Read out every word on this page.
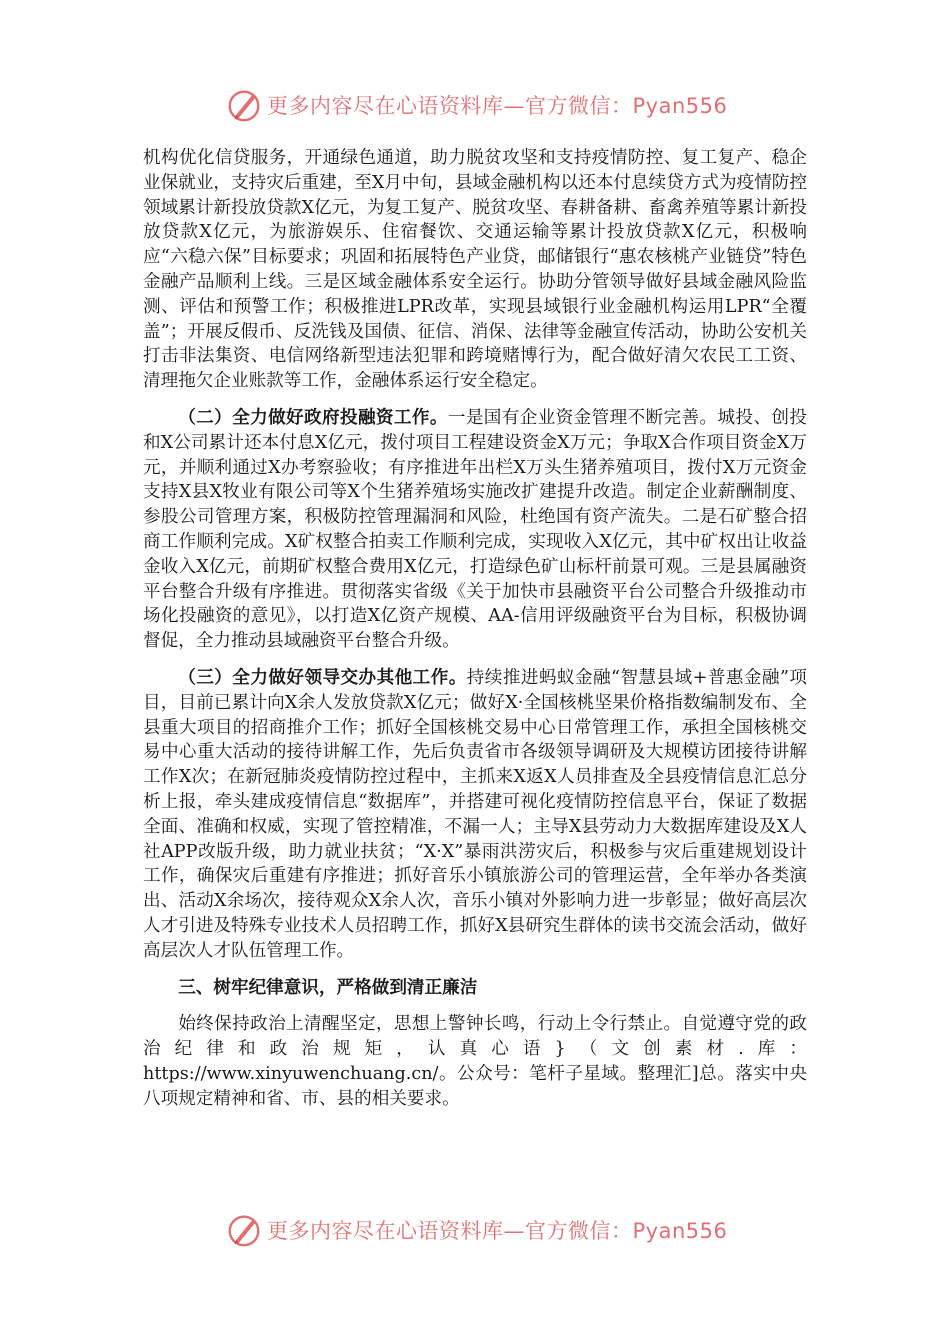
更多内容尽在心语资料库—官方微信：Pyan556

机构优化信贷服务，开通绿色通道，助力脱贫攻坚和支持疫情防控、复工复产、稳企业保就业，支持灾后重建，至X月中旬，县域金融机构以还本付息续贷方式为疫情防控领域累计新投放贷款X亿元，为复工复产、脱贫攻坚、春耕备耕、畜禽养殖等累计新投放贷款X亿元，为旅游娱乐、住宿餐饮、交通运输等累计投放贷款X亿元，积极响应“六稳六保”目标要求；巩固和拓展特色产业贷，邮储银行“惠农核桃产业链贷”特色金融产品顺利上线。三是区域金融体系安全运行。协助分管领导做好县域金融风险监测、评估和预警工作；积极推进LPR改革，实现县域银行业金融机构运用LPR“全覆盖”；开展反假币、反洗钱及国债、征信、消保、法律等金融宣传活动，协助公安机关打击非法集资、电信网络新型违法犯罪和跨境赌博行为，配合做好清欠农民工工资、清理拖欠企业账款等工作，金融体系运行安全稳定。

（二）全力做好政府投融资工作。一是国有企业资金管理不断完善。城投、创投和X公司累计还本付息X亿元，拨付项目工程建设资金X万元；争取X合作项目资金X万元，并顺利通过X办考察验收；有序推进年出栏X万头生猪养殖项目，拨付X万元资金支持X县X牧业有限公司等X个生猪养殖场实施改扩建提升改造。制定企业薪酬制度、参股公司管理方案，积极防控管理漏洞和风险，杜绝国有资产流失。二是石矿整合招商工作顺利完成。X矿权整合拍卖工作顺利完成，实现收入X亿元，其中矿权出让收益金收入X亿元，前期矿权整合费用X亿元，打造绿色矿山标杆前景可观。三是县属融资平台整合升级有序推进。贯彻落实省级《关于加快市县融资平台公司整合升级推动市场化投融资的意见》，以打造X亿资产规模、AA-信用评级融资平台为目标，积极协调督促，全力推动县域融资平台整合升级。

（三）全力做好领导交办其他工作。持续推进蚂蚁金融“智慧县域+普惠金融”项目，目前已累计向X余人发放贷款X亿元；做好X·全国核桃坚果价格指数编制发布、全县重大项目的招商推介工作；抓好全国核桃交易中心日常管理工作，承担全国核桃交易中心重大活动的接待讲解工作，先后负责省市各级领导调研及大规模访团接待讲解工作X次；在新冠肺炎疫情防控过程中，主抓来X返X人员排查及全县疫情信息汇总分析上报，牵头建成疫情信息“数据库”，并搭建可视化疫情防控信息平台，保证了数据全面、准确和权威，实现了管控精准，不漏一人；主导X县劳动力大数据库建设及X人社APP改版升级，助力就业扶贫；“X·X”暴雨洪涝灾后，积极参与灾后重建规划设计工作，确保灾后重建有序推进；抓好音乐小镇旅游公司的管理运营，全年举办各类演出、活动X余场次，接待观众X余人次，音乐小镇对外影响力进一步彰显；做好高层次人才引进及特殊专业技术人员招聘工作，抓好X县研究生群体的读书交流会活动，做好高层次人才队伍管理工作。

三、树牢纪律意识，严格做到清正廉洁

始终保持政治上清醒坚定，思想上警钟长鸣，行动上令行禁止。自觉遵守党的政治纪律和政治规矩，认真心语}（文创素材.库：https://www.xinyuwenchuang.cn/。公众号：笔杆子星域。整理汇]总。落实中央八项规定精神和省、市、县的相关要求。

更多内容尽在心语资料库—官方微信：Pyan556
